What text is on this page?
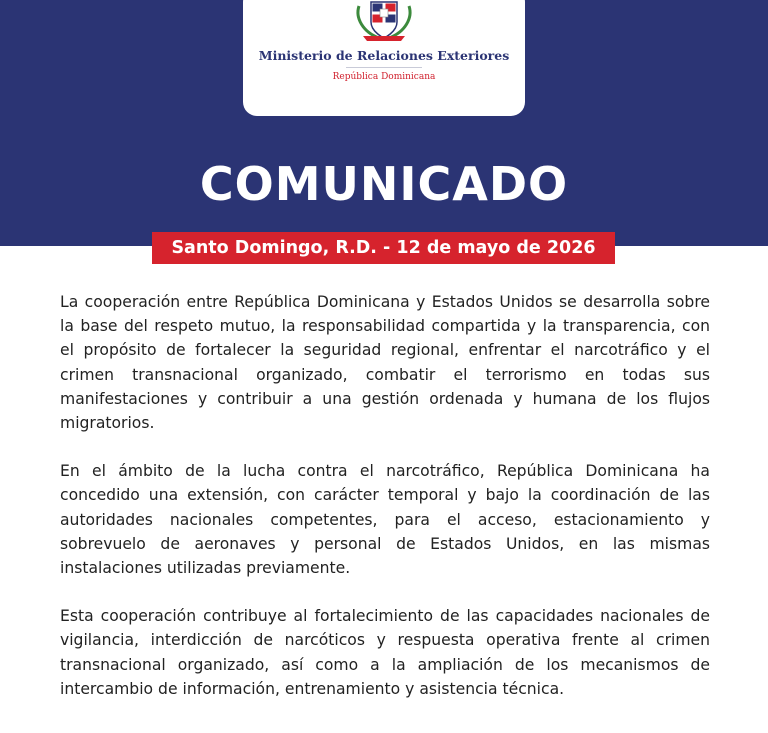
Ministerio de Relaciones Exteriores
República Dominicana
COMUNICADO
Santo Domingo, R.D. - 12 de mayo de 2026

La cooperación entre República Dominicana y Estados Unidos se desarrolla sobre la base del respeto mutuo, la responsabilidad compartida y la transparencia, con el propósito de fortalecer la seguridad regional, enfrentar el narcotráfico y el crimen transnacional organizado, combatir el terrorismo en todas sus manifestaciones y contribuir a una gestión ordenada y humana de los flujos migratorios.

En el ámbito de la lucha contra el narcotráfico, República Dominicana ha concedido una extensión, con carácter temporal y bajo la coordinación de las autoridades nacionales competentes, para el acceso, estacionamiento y sobrevuelo de aeronaves y personal de Estados Unidos, en las mismas instalaciones utilizadas previamente.

Esta cooperación contribuye al fortalecimiento de las capacidades nacionales de vigilancia, interdicción de narcóticos y respuesta operativa frente al crimen transnacional organizado, así como a la ampliación de los mecanismos de intercambio de información, entrenamiento y asistencia técnica.
